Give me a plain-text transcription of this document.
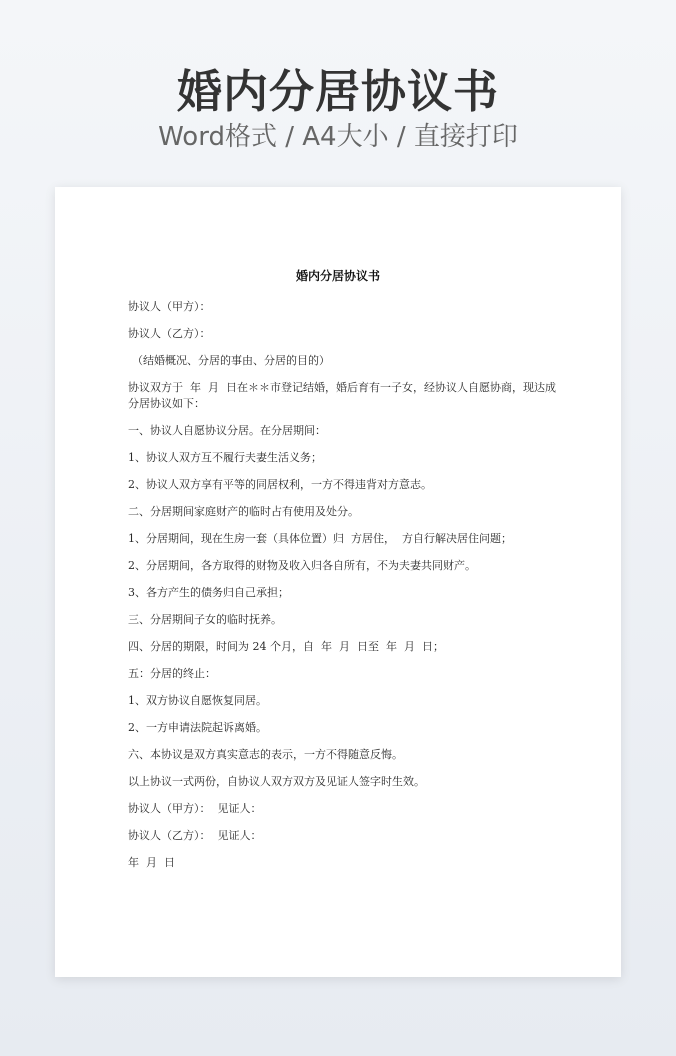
婚内分居协议书
Word格式 / A4大小 / 直接打印
婚内分居协议书

协议人（甲方）：

协议人（乙方）：

（结婚概况、分居的事由、分居的目的）

协议双方于  年  月  日在＊＊市登记结婚，婚后育有一子女，经协议人自愿协商，现达成分居协议如下：

一、协议人自愿协议分居。在分居期间：

1、协议人双方互不履行夫妻生活义务；

2、协议人双方享有平等的同居权利，一方不得违背对方意志。

二、分居期间家庭财产的临时占有使用及处分。

1、分居期间，现在生房一套（具体位置）归  方居住，  方自行解决居住问题；

2、分居期间，各方取得的财物及收入归各自所有，不为夫妻共同财产。

3、各方产生的债务归自己承担；

三、分居期间子女的临时抚养。

四、分居的期限，时间为 24 个月，自  年  月  日至  年  月  日；

五：分居的终止：

1、双方协议自愿恢复同居。

2、一方申请法院起诉离婚。

六、本协议是双方真实意志的表示，一方不得随意反悔。

以上协议一式两份，自协议人双方双方及见证人签字时生效。

协议人（甲方）：  见证人：

协议人（乙方）：  见证人：

年  月  日
